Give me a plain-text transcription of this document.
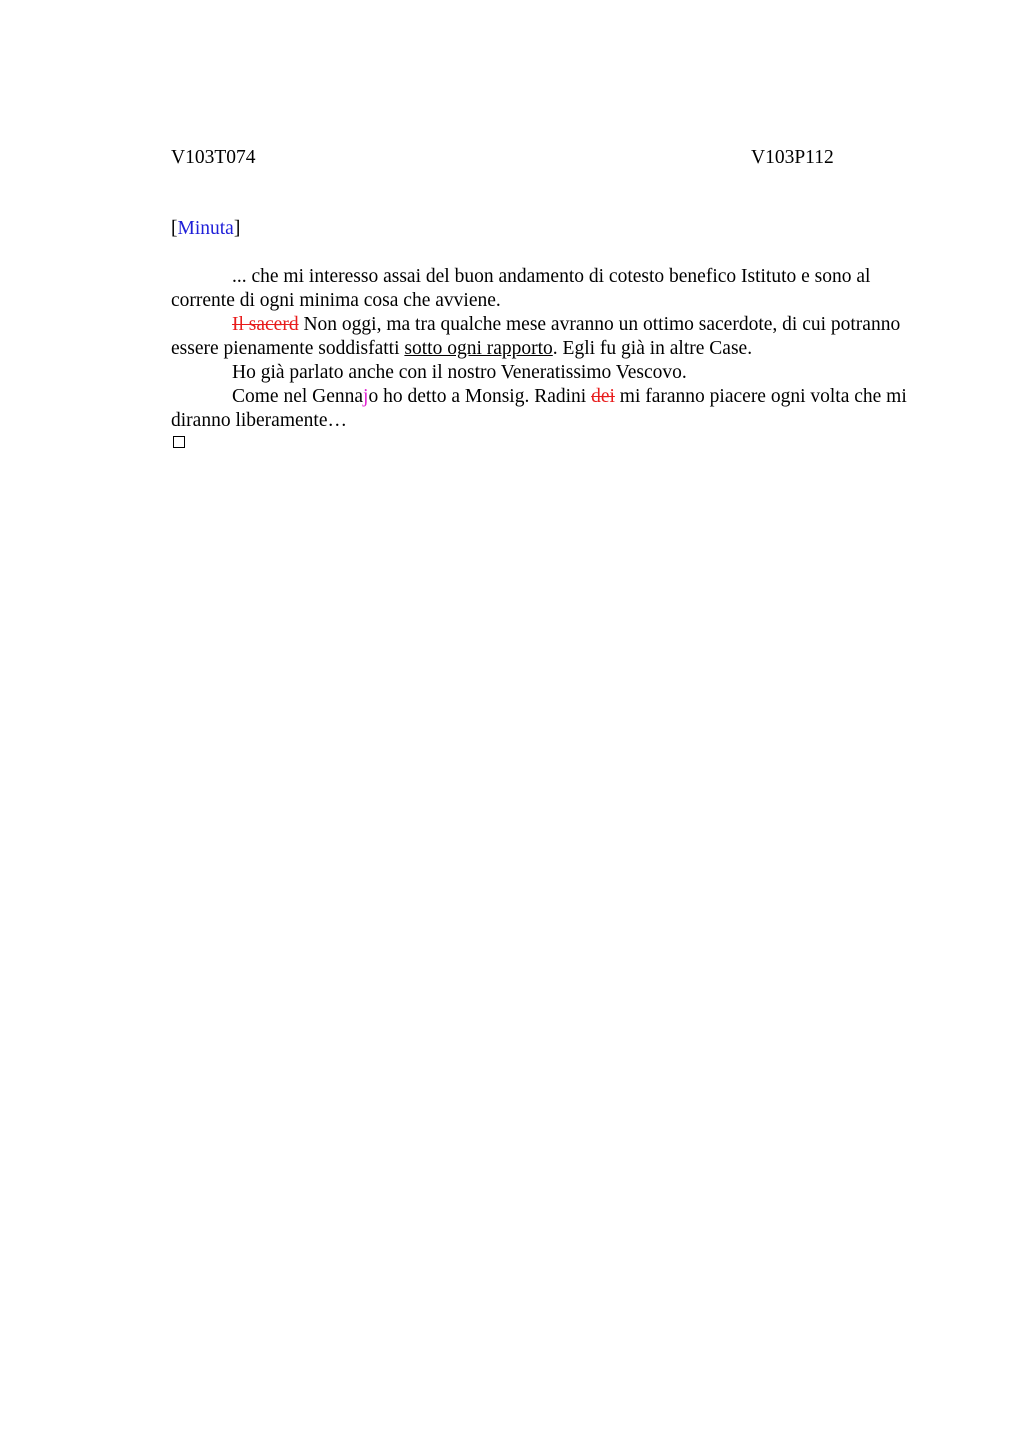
V103T074	V103P112
[Minuta]

... che mi interesso assai del buon andamento di cotesto benefico Istituto e sono al corrente di ogni minima cosa che avviene.

Il sacerd Non oggi, ma tra qualche mese avranno un ottimo sacerdote, di cui potranno essere pienamente soddisfatti sotto ogni rapporto. Egli fu già in altre Case.

Ho già parlato anche con il nostro Veneratissimo Vescovo.

Come nel Gennajo ho detto a Monsig. Radini dei mi faranno piacere ogni volta che mi diranno liberamente…
